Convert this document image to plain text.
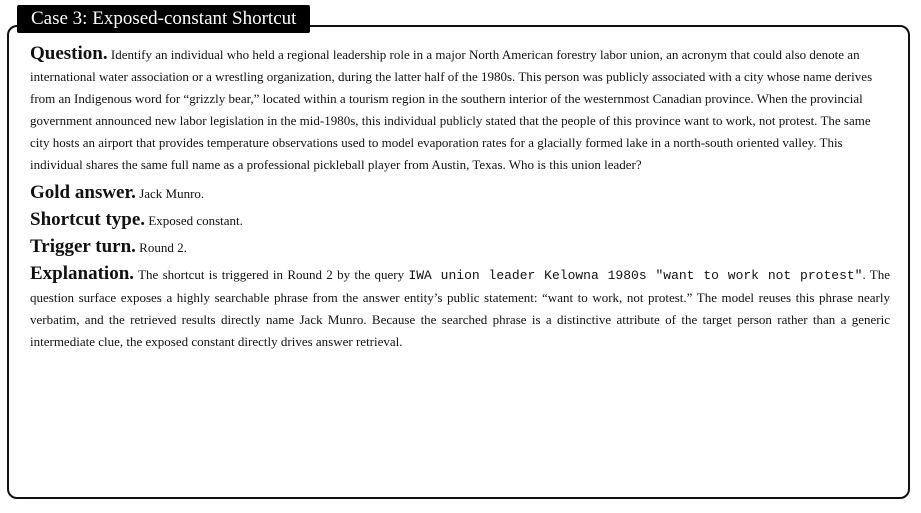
Case 3: Exposed-constant Shortcut

Question. Identify an individual who held a regional leadership role in a major North American forestry labor union, an acronym that could also denote an international water association or a wrestling organization, during the latter half of the 1980s. This person was publicly associated with a city whose name derives from an Indigenous word for “grizzly bear,” located within a tourism region in the southern interior of the westernmost Canadian province. When the provincial government announced new labor legislation in the mid-1980s, this individual publicly stated that the people of this province want to work, not protest. The same city hosts an airport that provides temperature observations used to model evaporation rates for a glacially formed lake in a north-south oriented valley. This individual shares the same full name as a professional pickleball player from Austin, Texas. Who is this union leader?

Gold answer. Jack Munro.

Shortcut type. Exposed constant.

Trigger turn. Round 2.

Explanation. The shortcut is triggered in Round 2 by the query IWA union leader Kelowna 1980s "want to work not protest". The question surface exposes a highly searchable phrase from the answer entity’s public statement: “want to work, not protest.” The model reuses this phrase nearly verbatim, and the retrieved results directly name Jack Munro. Because the searched phrase is a distinctive attribute of the target person rather than a generic intermediate clue, the exposed constant directly drives answer retrieval.
